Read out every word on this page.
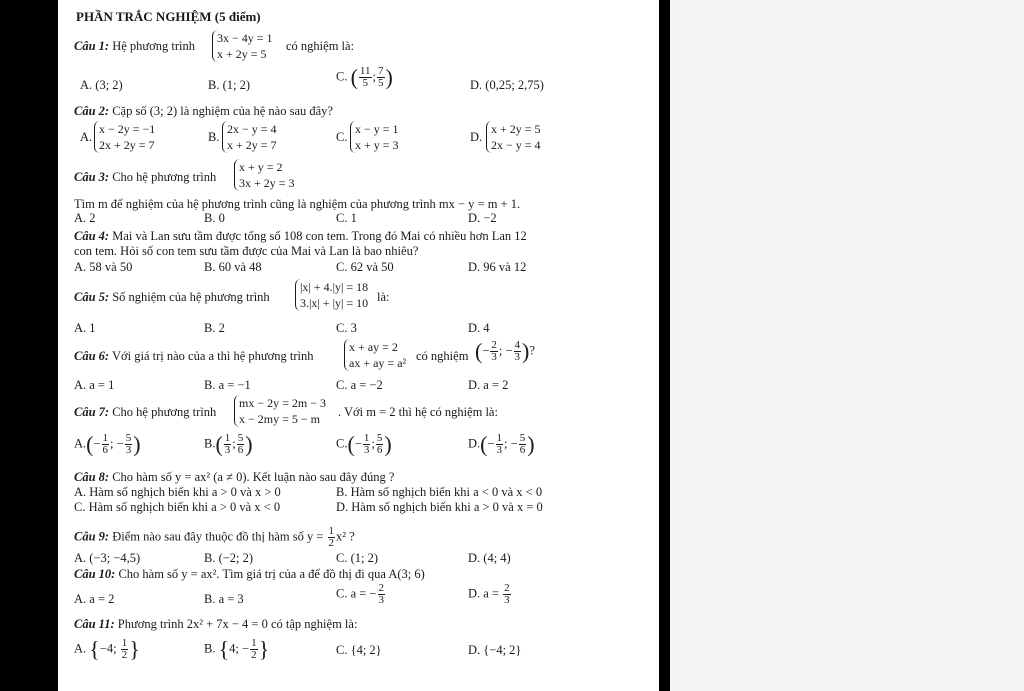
PHẦN TRẮC NGHIỆM (5 điểm)
Câu 1: Hệ phương trình
3x − 4y = 1
x + 2y = 5
có nghiệm là:
A. (3; 2)	B. (1; 2)
C. ( $\frac{11}{5}$ ; $\frac{7}{5}$ )	D. (0,25; 2,75)
Câu 2: Cặp số (3; 2) là nghiệm của hệ nào sau đây?
A.
x − 2y = −1
2x + 2y = 7
B.
2x − y = 4
x + 2y = 7
C.
x − y = 1
x + y = 3
D.
x + 2y = 5
2x − y = 4
Câu 3: Cho hệ phương trình
x + y = 2
3x + 2y = 3
Tìm m để nghiệm của hệ phương trình cũng là nghiệm của phương trình mx − y = m + 1.
A. 2	B. 0	C. 1	D. −2
Câu 4: Mai và Lan sưu tầm được tổng số 108 con tem. Trong đó Mai có nhiều hơn Lan 12
con tem. Hỏi số con tem sưu tầm được của Mai và Lan là bao nhiêu?
A. 58 và 50	B. 60 và 48	C. 62 và 50	D. 96 và 12
Câu 5: Số nghiệm của hệ phương trình
|x| + 4.|y| = 18
3.|x| + |y| = 10 là:
A. 1	B. 2	C. 3	D. 4
Câu 6: Với giá trị nào của a thì hệ phương trình
x + ay = 2
ax + ay = a² có nghiệm (− $\frac{2}{3}$ ; − $\frac{4}{3}$ )?
A. a = 1	B. a = −1	C. a = −2	D. a = 2
Câu 7: Cho hệ phương trình
mx − 2y = 2m − 3
x − 2my = 5 − m	. Với m = 2 thì hệ có nghiệm là:
$A.(- \frac{1}{6}$ ; − $\frac{5}{3}$ )	$B.( \frac{1}{3}$ ; $\frac{5}{6}$ )	$C.(- \frac{1}{3}$ ; $\frac{5}{6}$ )	$D.(- \frac{1}{3}$ ; − $\frac{5}{6}$ )
Câu 8: Cho hàm số y = ax² (a ≠ 0). Kết luận nào sau đây đúng ?
A. Hàm số nghịch biến khi a > 0 và x > 0	B. Hàm số nghịch biến khi a < 0 và x < 0
C. Hàm số nghịch biến khi a > 0 và x < 0	D. Hàm số nghịch biến khi a > 0 và x = 0
Câu 9: Điểm nào sau đây thuộc đồ thị hàm số $y = \frac{1}{2} x^2$ ?
A. (−3; −4,5)	B. (−2; 2)	C. (1; 2)	D. (4; 4)
Câu 10: Cho hàm số y = ax². Tìm giá trị của a để đồ thị đi qua A(3; 6)
A. a = 2	B. a = 3	C. a = − $\frac{2}{3}$	D. $a = \frac{2}{3}$
Câu 11: Phương trình 2x² + 7x − 4 = 0 có tập nghiệm là:
A. {−4; $\frac{1}{2}$ }	B. {4; − $\frac{1}{2}$ }	C. {4; 2}	D. {−4; 2}
